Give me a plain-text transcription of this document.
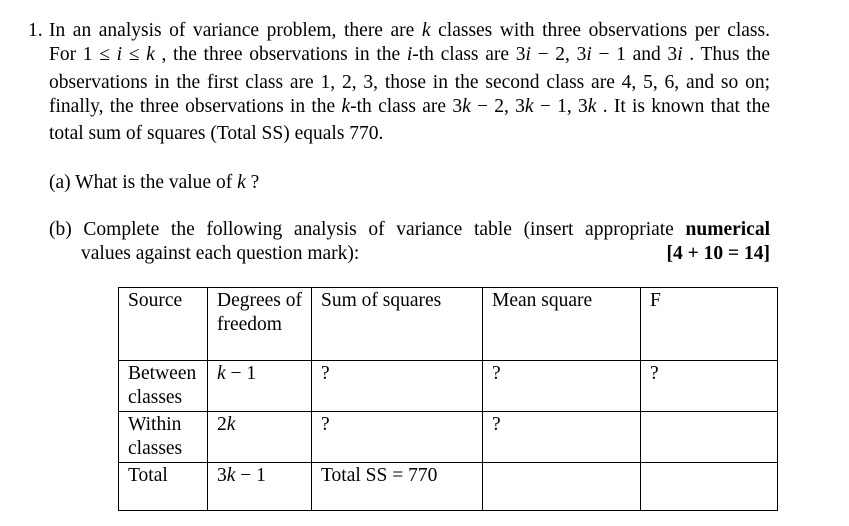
1. In an analysis of variance problem, there are k classes with three observations per class.

For 1 ≤ i ≤ k , the three observations in the i-th class are 3i − 2, 3i − 1 and 3i . Thus the

observations in the first class are 1, 2, 3, those in the second class are 4, 5, 6, and so on;

finally, the three observations in the k-th class are 3k − 2, 3k − 1, 3k . It is known that the

total sum of squares (Total SS) equals 770.

(a) What is the value of k ?

(b) Complete the following analysis of variance table (insert appropriate numerical

values against each question mark):	[4 + 10 = 14]
Source	Degrees of freedom	Sum of squares	Mean square	F
Between classes	k − 1	?	?	?
Within classes	2k	?	?	
Total	3k − 1	Total SS = 770		
